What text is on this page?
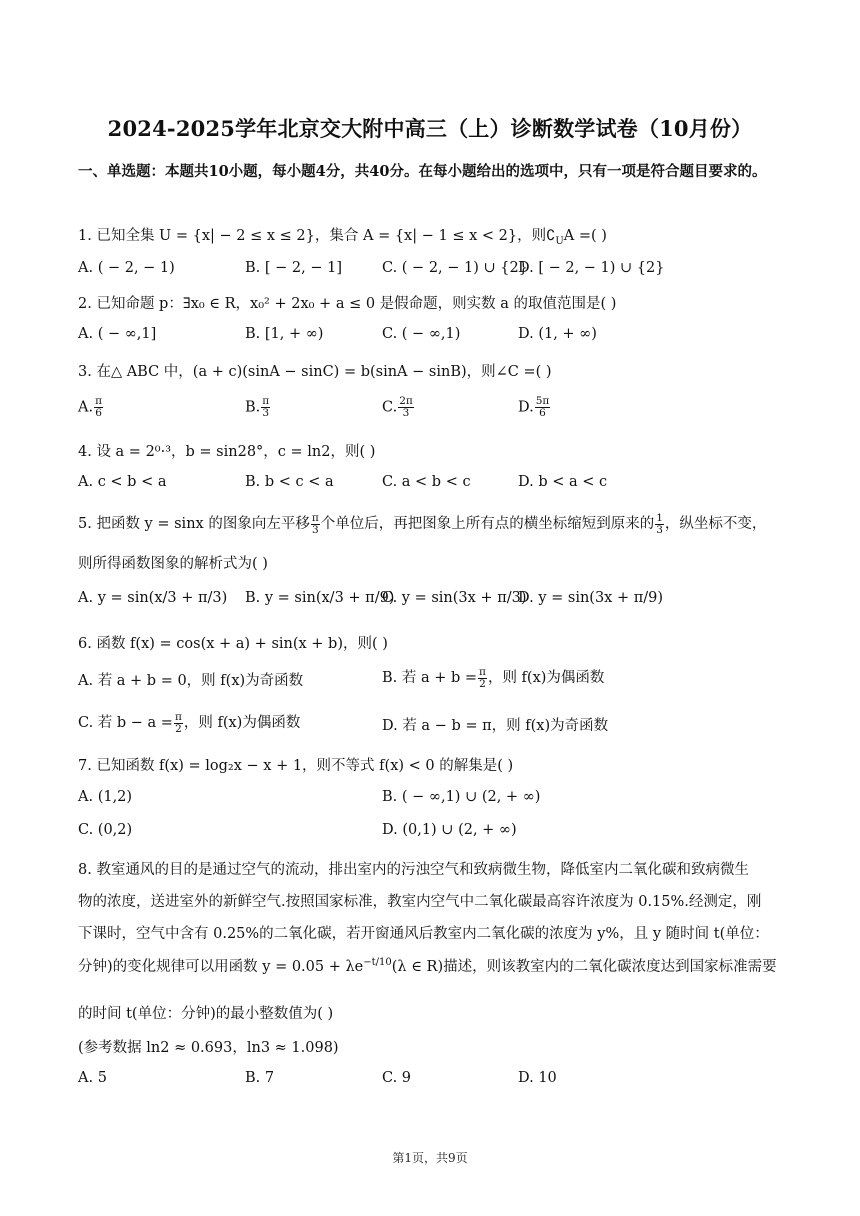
2024-2025学年北京交大附中高三（上）诊断数学试卷（10月份）
一、单选题：本题共10小题，每小题4分，共40分。在每小题给出的选项中，只有一项是符合题目要求的。
1. 已知全集 U = {x| − 2 ≤ x ≤ 2}，集合 A = {x| − 1 ≤ x < 2}，则$∁_UA$ =( )
A. ( − 2, − 1)	B. [ − 2, − 1]	C. ( − 2, − 1) ∪ {2}
D. [ − 2, − 1) ∪ {2}
2. 已知命题 p：∃x₀ ∈ R，x₀² + 2x₀ + a ≤ 0 是假命题，则实数 a 的取值范围是( )
A. ( − ∞,1]	B. [1, + ∞)	C. ( − ∞,1)	D. (1, + ∞)
3. 在△ ABC 中，(a + c)(sinA − sinC) = b(sinA − sinB)，则∠C =( )
A. $\frac{\pi}{6}$	B. $\frac{\pi}{3}$	C. $\frac{2\pi}{3}$	D. $\frac{5\pi}{6}$
4. 设 a = 2⁰·³，b = sin28°，c = ln2，则( )
A. c < b < a	B. b < c < a	C. a < b < c	D. b < a < c
5. 把函数 y = sinx 的图象向左平移 $\frac{\pi}{3}$ 个单位后，再把图象上所有点的横坐标缩短到原来的 $\frac{1}{3}$ ，纵坐标不变，
则所得函数图象的解析式为( )
A. y = sin(x/3 + π/3) B. y = sin(x/3 + π/9)
C. y = sin(3x + π/3)
D. y = sin(3x + π/9)
6. 函数 f(x) = cos(x + a) + sin(x + b)，则( )
A. 若 a + b = 0，则 f(x)为奇函数	B. 若 $a + b = \frac{\pi}{2}$ ，则 f(x)为偶函数
C. 若 $b - a = \frac{\pi}{2}$ ，则 f(x)为偶函数	D. 若 a − b = π，则 f(x)为奇函数
7. 已知函数 f(x) = log₂x − x + 1，则不等式 f(x) < 0 的解集是( )
A. (1,2)	B. ( − ∞,1) ∪ (2, + ∞)
C. (0,2)	D. (0,1) ∪ (2, + ∞)
8. 教室通风的目的是通过空气的流动，排出室内的污浊空气和致病微生物，降低室内二氧化碳和致病微生
物的浓度，送进室外的新鲜空气.按照国家标准，教室内空气中二氧化碳最高容许浓度为 0.15%.经测定，刚
下课时，空气中含有 0.25%的二氧化碳，若开窗通风后教室内二氧化碳的浓度为 y%，且 y 随时间 t(单位：
分钟)的变化规律可以用函数 $y = 0.05 + \lambda e^{-t/10}(\lambda$ ∈ R)描述，则该教室内的二氧化碳浓度达到国家标准需要
的时间 t(单位：分钟)的最小整数值为( )
(参考数据 ln2 ≈ 0.693，ln3 ≈ 1.098)
A. 5	B. 7	C. 9	D. 10
第1页，共9页
